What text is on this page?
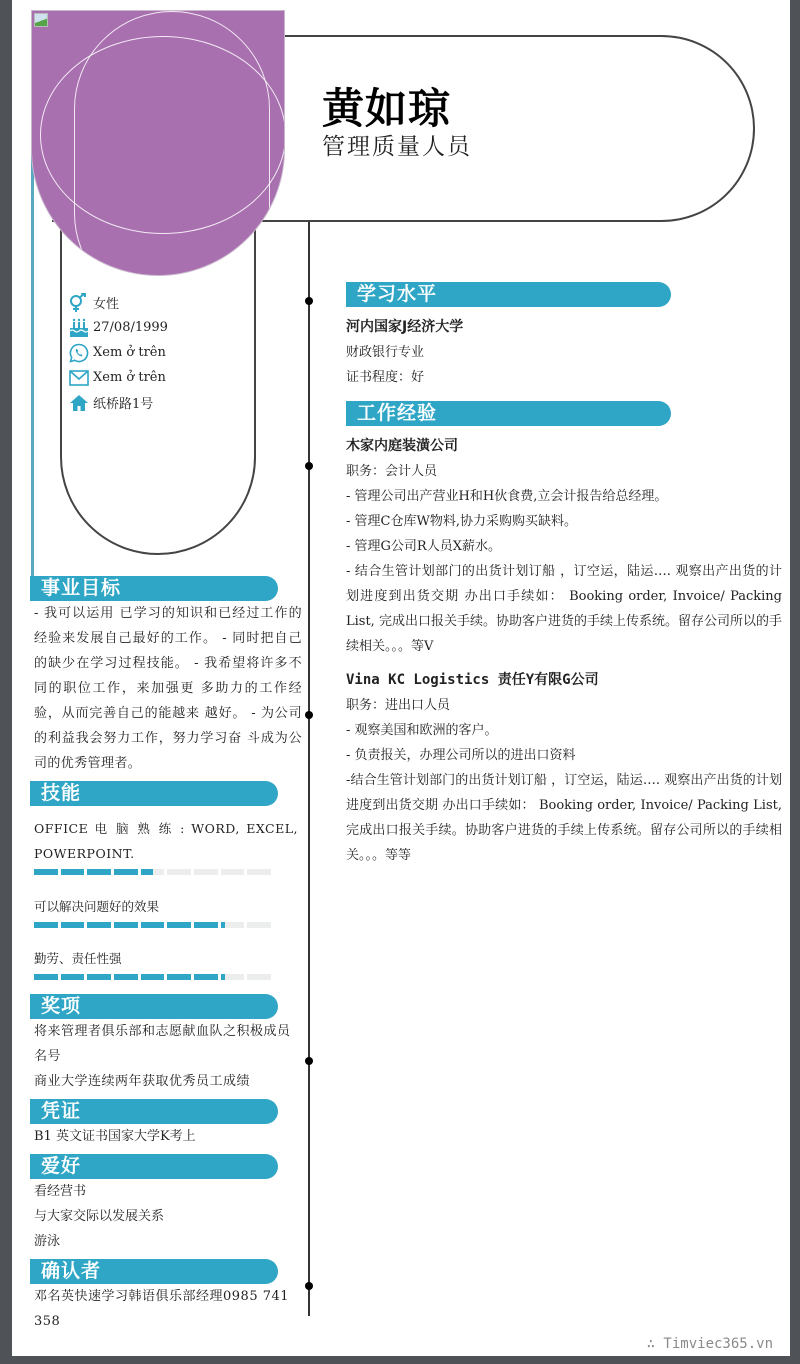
黄如琼
管理质量人员
女性
27/08/1999
Xem ở trên
Xem ở trên
纸桥路1号
事业目标
- 我可以运用 已学习的知识和已经过工作的经验来发展自己最好的工作。 - 同时把自己的缺少在学习过程技能。 - 我希望将许多不同的职位工作，来加强更 多助力的工作经验，从而完善自己的能越来 越好。 - 为公司的利益我会努力工作，努力学习奋 斗成为公司的优秀管理者。
技能
OFFICE 电 脑 熟 练 : WORD, EXCEL, POWERPOINT.
可以解决问题好的效果
勤劳、责任性强
奖项
将来管理者俱乐部和志愿献血队之积极成员名号
商业大学连续两年获取优秀员工成绩
凭证
B1 英文证书国家大学K考上
爱好
看经营书
与大家交际以发展关系
游泳
确认者
邓名英快速学习韩语俱乐部经理0985 741 358
学习水平
河内国家J经济大学
财政银行专业
证书程度：好
工作经验
木家内庭装潢公司
职务：会计人员
- 管理公司出产营业H和H伙食费,立会计报告给总经理。
- 管理C仓库W物料,协力采购购买缺料。
- 管理G公司R人员X薪水。
- 结合生管计划部门的出货计划订船 ，订空运，陆运…. 观察出产出货的计划进度到出货交期 办出口手续如： Booking order, Invoice/ Packing List, 完成出口报关手续。协助客户进货的手续上传系统。留存公司所以的手续相关。。。等V
Vina KC Logistics 责任Y有限G公司
职务：进出口人员
- 观察美国和欧洲的客户。
- 负责报关，办理公司所以的进出口资料
-结合生管计划部门的出货计划订船 ，订空运，陆运…. 观察出产出货的计划进度到出货交期 办出口手续如： Booking order, Invoice/ Packing List, 完成出口报关手续。协助客户进货的手续上传系统。留存公司所以的手续相关。。。等等
∴ Timviec365.vn
